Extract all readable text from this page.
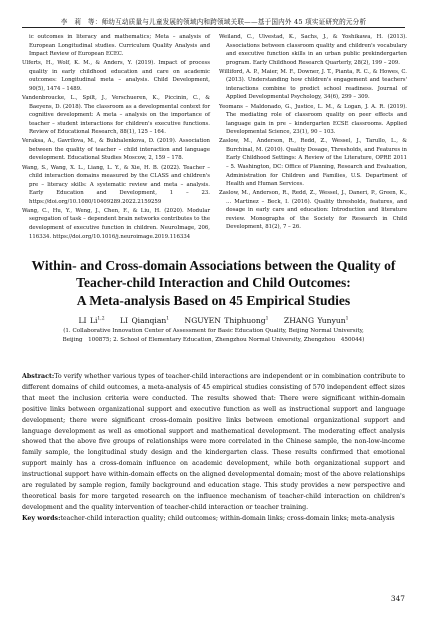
李　莉　等：师幼互动质量与儿童发展的领域内和跨领域关联——基于国内外 45 项实证研究的元分析

ic outcomes in literacy and mathematics; Meta – analysis of European Longitudinal studies. Curriculum Quality Analysis and Impact Review of European ECEC.

Ulferts, H., Wolf, K. M., & Anders, Y. (2019). Impact of process quality in early childhood education and care on academic outcomes: Longitudinal meta – analysis. Child Development, 90(5), 1474 – 1489.

Vandenbroucke, L., Spilt, J., Verschueren, K., Piccinin, C., & Baeyens, D. (2018). The classroom as a developmental context for cognitive development: A meta – analysis on the importance of teacher – student interactions for children's executive functions. Review of Educational Research, 88(1), 125 – 164.

Veraksa, A., Gavrilova, M., & Bukhalenkova, D. (2019). Association between the quality of teacher – child interaction and language development. Educational Studies Moscow, 2, 159 – 178.

Wang, S., Wang, X. L., Liang, L. Y., & Xie, H. B. (2022). Teacher – child interaction domains measured by the CLASS and children's pre – literacy skills: A systematic review and meta – analysis. Early Education and Development, 1 – 23. https://doi.org/10.1080/10409289.2022.2159259

Wang, C., Hu, Y., Weng, J., Chen, F., & Liu, H. (2020). Modular segregation of task – dependent brain networks contributes to the development of executive function in children. NeuroImage, 206, 116334. https://doi.org/10.1016/j.neuroimage.2019.116334

Weiland, C., Ulvestad, K., Sachs, J., & Yoshikawa, H. (2013). Associations between classroom quality and children's vocabulary and executive function skills in an urban public prekindergarten program. Early Childhood Research Quarterly, 28(2), 199 – 209.

Williford, A. P., Maier, M. F., Downer, J. T., Pianta, R. C., & Howes, C. (2013). Understanding how children's engagement and teachers' interactions combine to predict school readiness. Journal of Applied Developmental Psychology, 34(6), 299 – 309.

Yeomans – Maldonado, G., Justice, L. M., & Logan, J. A. R. (2019). The mediating role of classroom quality on peer effects and language gain in pre – kindergarten ECSE classrooms. Applied Developmental Science, 23(1), 90 – 103.

Zaslow, M., Anderson, R., Redd, Z., Wessel, J., Tarullo, L., & Burchinal, M. (2010). Quality Dosage, Thresholds, and Features in Early Childhood Settings: A Review of the Literature, OPRE 2011 – 5. Washington, DC: Office of Planning, Research and Evaluation, Administration for Children and Families, U.S. Department of Health and Human Services.

Zaslow, M., Anderson, R., Redd, Z., Wessel, J., Daneri, P., Green, K., … Martinez – Beck, I. (2016). Quality thresholds, features, and dosage in early care and education: Introduction and literature review. Monographs of the Society for Research in Child Development, 81(2), 7 – 26.

Within- and Cross-domain Associations between the Quality of
Teacher-child Interaction and Child Outcomes:
A Meta-analysis Based on 45 Empirical Studies
LI Li$^{1,2}$ LI Qianqian$^1$ NGUYEN Thiphuong$^1$ ZHANG Yunyun$^1$
(1. Collaborative Innovation Center of Assessment for Basic Education Quality, Beijing Normal University,
Beijing　100875; 2. School of Elementary Education, Zhengzhou Normal University, Zhengzhou　450044)
Abstract:To verify whether various types of teacher-child interactions are independent or in combination contribute to different domains of child outcomes, a meta-analysis of 45 empirical studies consisting of 570 independent effect sizes that meet the inclusion criteria were conducted. The results showed that: There were significant within-domain positive links between organizational support and executive function as well as instructional support and language development; there were significant cross-domain positive links between emotional organizational support and language development as well as emotional support and mathematical development. The moderating effect analysis showed that the above five groups of relationships were more correlated in the Chinese sample, the non-low-income family sample, the longitudinal study design and the kindergarten class. These results confirmed that emotional support mainly has a cross-domain influence on academic development, while both organizational support and instructional support have within-domain effects on the aligned developmental domain; most of the above relationships are regulated by sample region, family background and education stage. This study provides a new perspective and theoretical basis for more targeted research on the influence mechanism of teacher-child interaction on children's development and the quality intervention of teacher-child interaction or teacher training.
Key words:teacher-child interaction quality; child outcomes; within-domain links; cross-domain links; meta-analysis
347
